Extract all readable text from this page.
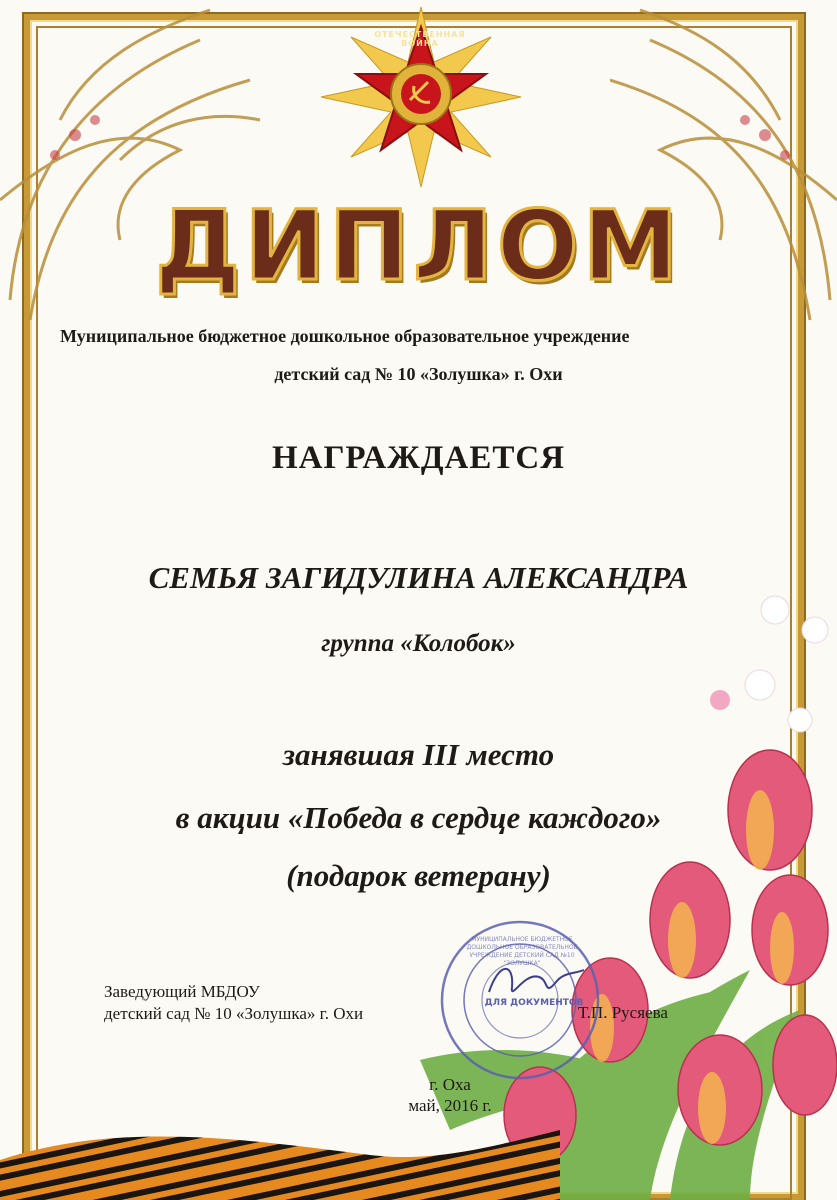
ОТЕЧЕСТВЕННАЯ ВОЙНА
ДИПЛОМ
Муниципальное бюджетное дошкольное образовательное учреждение
детский сад № 10 «Золушка» г. Охи
НАГРАЖДАЕТСЯ
СЕМЬЯ ЗАГИДУЛИНА АЛЕКСАНДРА
группа «Колобок»
занявшая III место
в акции «Победа в сердце каждого»
(подарок ветерану)
МУНИЦИПАЛЬНОЕ БЮДЖЕТНОЕ ДОШКОЛЬНОЕ ОБРАЗОВАТЕЛЬНОЕ УЧРЕЖДЕНИЕ ДЕТСКИЙ САД №10 "ЗОЛУШКА"
ДЛЯ ДОКУМЕНТОВ
Заведующий МБДОУ
детский сад № 10 «Золушка» г. Охи	Т.П. Русяева
г. Оха
май, 2016 г.
